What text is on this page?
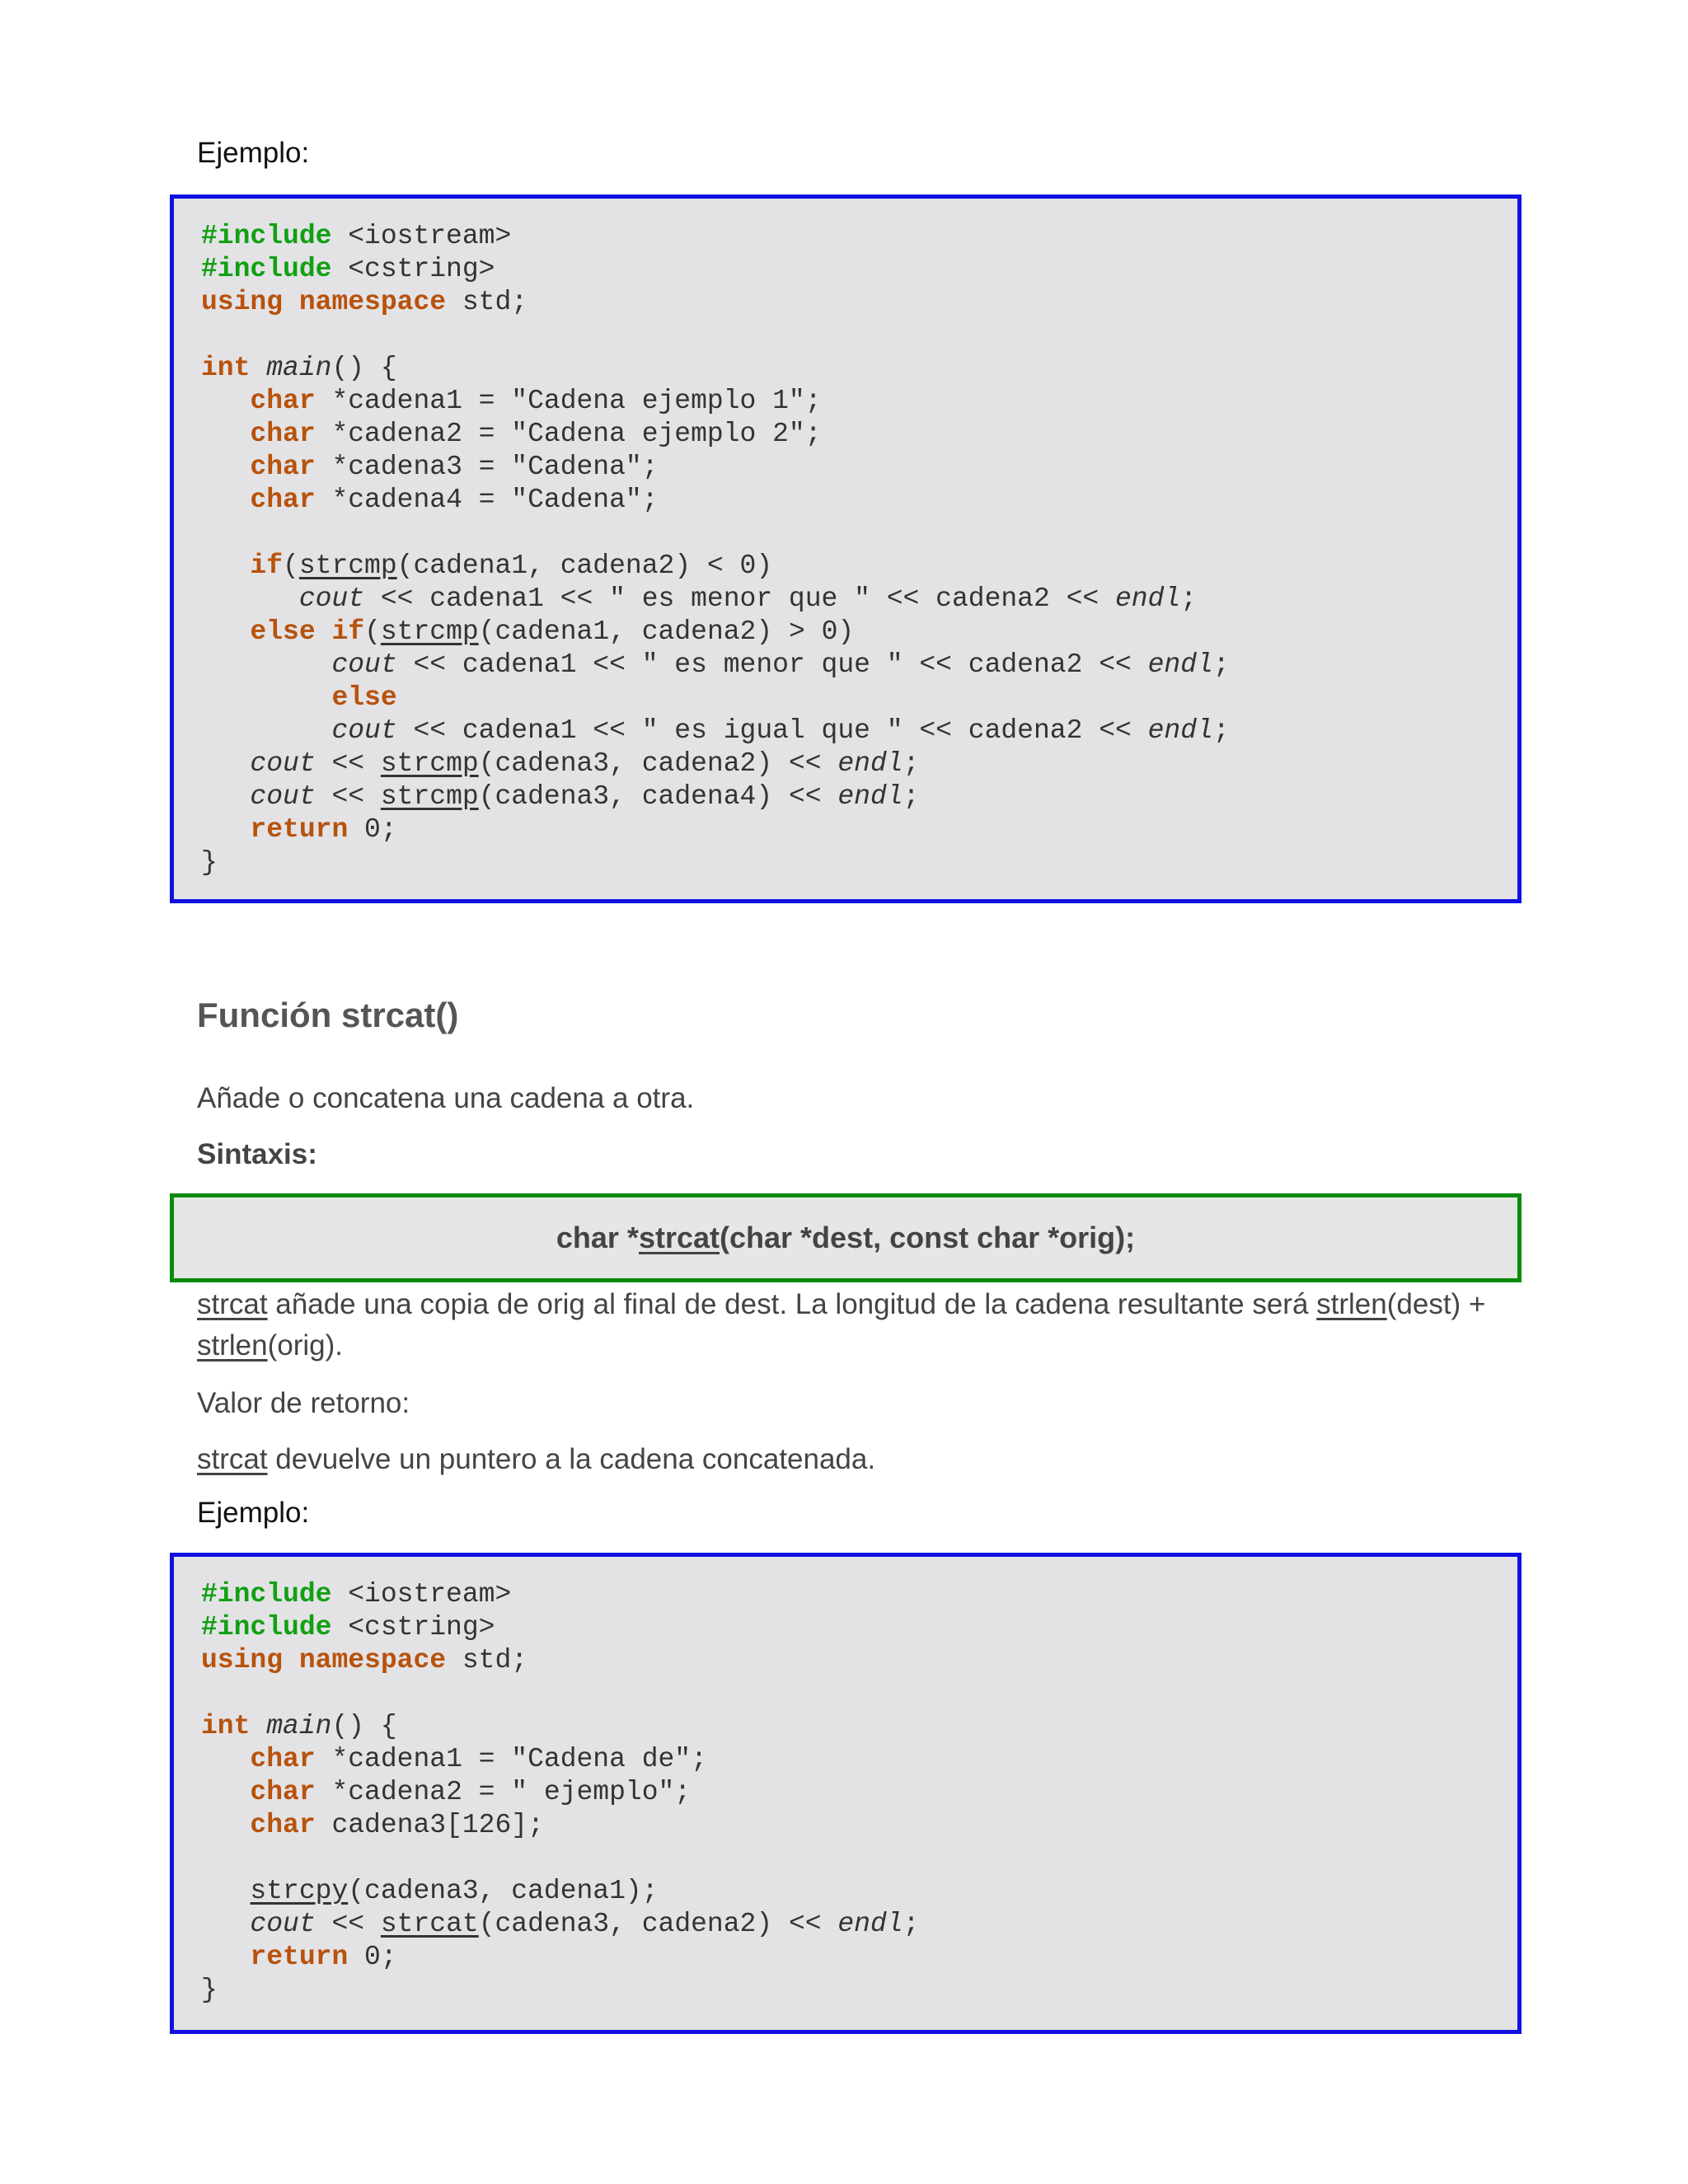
Ejemplo:
#include <iostream>
#include <cstring>
using namespace std;

int main() {
char *cadena1 = "Cadena ejemplo 1";
char *cadena2 = "Cadena ejemplo 2";
char *cadena3 = "Cadena";
char *cadena4 = "Cadena";

if(strcmp(cadena1, cadena2) < 0)
cout << cadena1 << " es menor que " << cadena2 << endl;
else if(strcmp(cadena1, cadena2) > 0)
cout << cadena1 << " es menor que " << cadena2 << endl;
else
cout << cadena1 << " es igual que " << cadena2 << endl;
cout << strcmp(cadena3, cadena2) << endl;
cout << strcmp(cadena3, cadena4) << endl;
return 0;
}
Función strcat()
Añade o concatena una cadena a otra.
Sintaxis:
char *strcat(char *dest, const char *orig);
strcat añade una copia de orig al final de dest. La longitud de la cadena resultante será strlen(dest) + strlen(orig).
Valor de retorno:
strcat devuelve un puntero a la cadena concatenada.
Ejemplo:
#include <iostream>
#include <cstring>
using namespace std;

int main() {
char *cadena1 = "Cadena de";
char *cadena2 = " ejemplo";
char cadena3[126];

strcpy(cadena3, cadena1);
cout << strcat(cadena3, cadena2) << endl;
return 0;
}
